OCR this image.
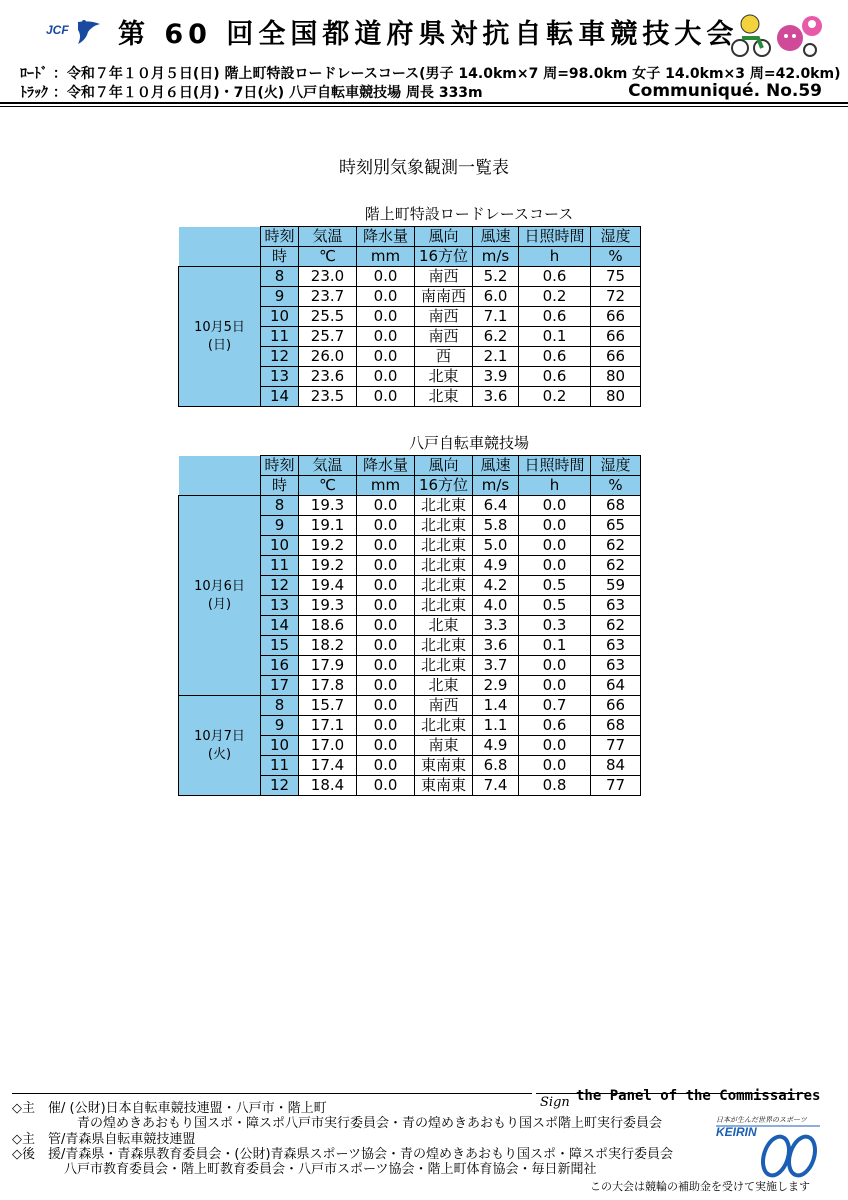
JCF 第 60 回全国都道府県対抗自転車競技大会
ﾛｰﾄﾞ ：令和７年１０月５日(日) 階上町特設ロードレースコース(男子 14.0km×7 周=98.0km 女子 14.0km×3 周=42.0km)
ﾄﾗｯｸ ：令和７年１０月６日(月)・7日(火) 八戸自転車競技場 周長 333m	Communiqué. No.59
時刻別気象観測一覧表
階上町特設ロードレースコース
	時刻	気温	降水量	風向	風速	日照時間	湿度
	時	℃	mm	16方位	m/s	h	%

10月5日
(日)	8	23.0	0.0	南西	5.2	0.6	75
	9	23.7	0.0	南南西	6.0	0.2	72
	10	25.5	0.0	南西	7.1	0.6	66
	11	25.7	0.0	南西	6.2	0.1	66
	12	26.0	0.0	西	2.1	0.6	66
	13	23.6	0.0	北東	3.9	0.6	80
	14	23.5	0.0	北東	3.6	0.2	80
八戸自転車競技場
	時刻	気温	降水量	風向	風速	日照時間	湿度
	時	℃	mm	16方位	m/s	h	%

10月6日
(月)	8	19.3	0.0	北北東	6.4	0.0	68
	9	19.1	0.0	北北東	5.8	0.0	65
	10	19.2	0.0	北北東	5.0	0.0	62
	11	19.2	0.0	北北東	4.9	0.0	62
	12	19.4	0.0	北北東	4.2	0.5	59
	13	19.3	0.0	北北東	4.0	0.5	63
	14	18.6	0.0	北東	3.3	0.3	62
	15	18.2	0.0	北北東	3.6	0.1	63
	16	17.9	0.0	北北東	3.7	0.0	63
	17	17.8	0.0	北東	2.9	0.0	64

10月7日
(火)	8	15.7	0.0	南西	1.4	0.7	66
	9	17.1	0.0	北北東	1.1	0.6	68
	10	17.0	0.0	南東	4.9	0.0	77
	11	17.4	0.0	東南東	6.8	0.0	84
	12	18.4	0.0	東南東	7.4	0.8	77
Sign the Panel of the Commissaires
◇主　催/ (公財)日本自転車競技連盟・八戸市・階上町
　　　　　青の煌めきあおもり国スポ・障スポ八戸市実行委員会・青の煌めきあおもり国スポ階上町実行委員会
◇主　管/青森県自転車競技連盟
◇後　援/青森県・青森県教育委員会・(公財)青森県スポーツ協会・青の煌めきあおもり国スポ・障スポ実行委員会
　　　　八戸市教育委員会・階上町教育委員会・八戸市スポーツ協会・階上町体育協会・毎日新聞社
日本が生んだ世界のスポーツ
KEIRIN
この大会は競輪の補助金を受けて実施します
